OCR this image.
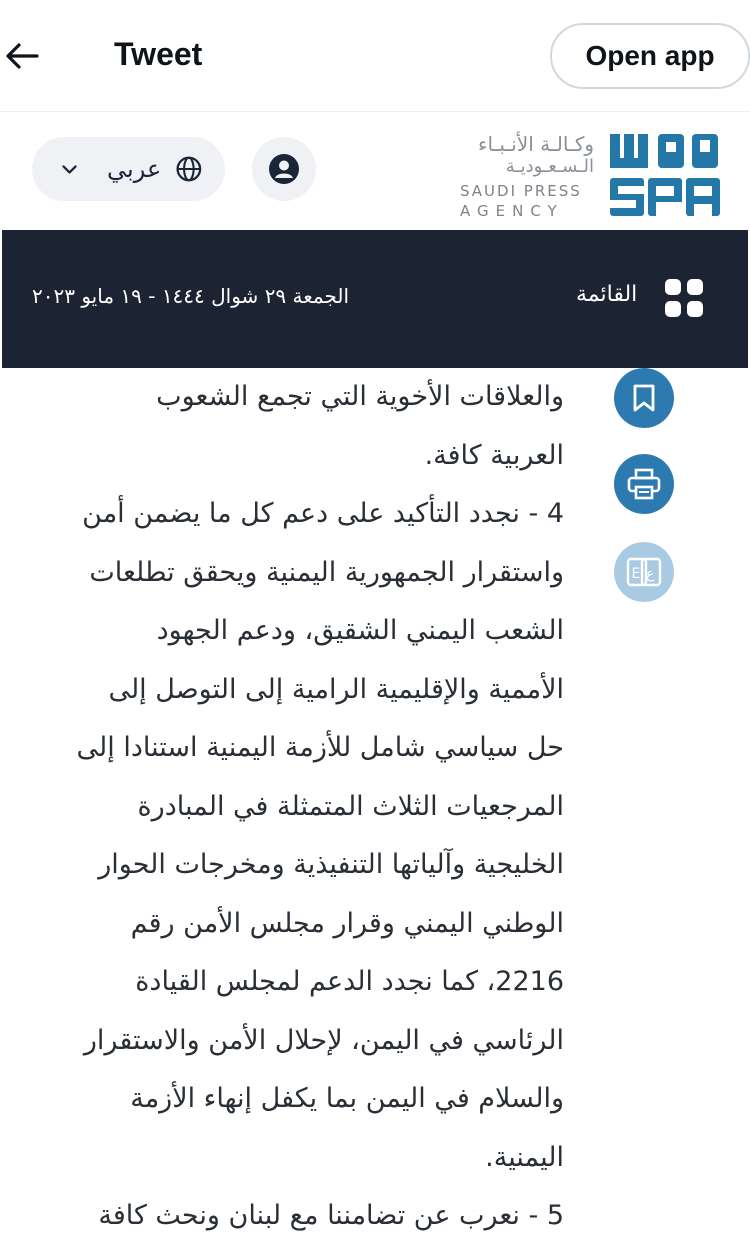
Tweet	Open app
عربي
وكـالـة الأنـبـاء
الـسـعـوديـة
SAUDI PRESS
AGENCY
الجمعة ٢٩ شوال ١٤٤٤ - ١٩ مايو ٢٠٢٣	القائمة

والعلاقات الأخوية التي تجمع الشعوب

العربية كافة.

4 - نجدد التأكيد على دعم كل ما يضمن أمن

واستقرار الجمهورية اليمنية ويحقق تطلعات

الشعب اليمني الشقيق، ودعم الجهود

الأممية والإقليمية الرامية إلى التوصل إلى

حل سياسي شامل للأزمة اليمنية استنادا إلى

المرجعيات الثلاث المتمثلة في المبادرة

الخليجية وآلياتها التنفيذية ومخرجات الحوار

الوطني اليمني وقرار مجلس الأمن رقم

2216، كما نجدد الدعم لمجلس القيادة

الرئاسي في اليمن، لإحلال الأمن والاستقرار

والسلام في اليمن بما يكفل إنهاء الأزمة

اليمنية.

5 - نعرب عن تضامننا مع لبنان ونحث كافة

E ع
